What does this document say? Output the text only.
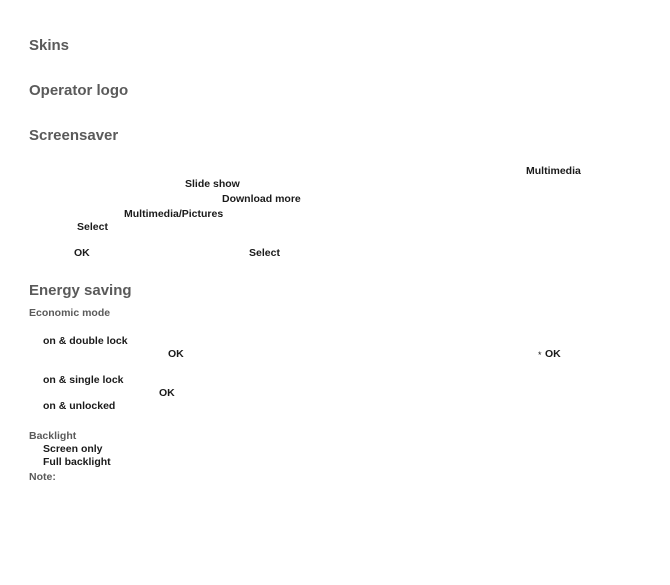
Skins
Operator logo
Screensaver
Multimedia
Slide show
Download more
Multimedia/Pictures
Select
OK	Select
Energy saving
Economic mode
on & double lock
OK	* OK
on & single lock
OK
on & unlocked
Backlight
Screen only
Full backlight
Note:
